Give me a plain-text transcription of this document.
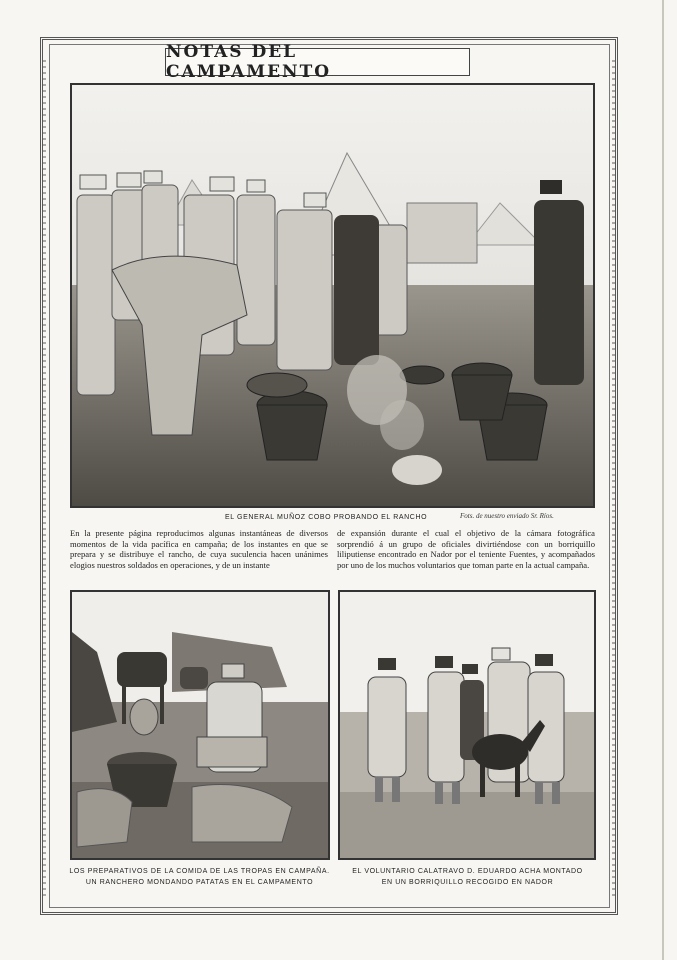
NOTAS DEL CAMPAMENTO
EL GENERAL MUÑOZ COBO PROBANDO EL RANCHO	Fots. de nuestro enviado Sr. Ríos.
En la presente página reproducimos algunas instantáneas de diversos momentos de la vida pacífica en campaña; de los instantes en que se prepara y se distribuye el rancho, de cuya suculencia hacen unánimes elogios nuestros soldados en operaciones, y de un instante
de expansión durante el cual el objetivo de la cámara fotográfica sorprendió á un grupo de oficiales divirtiéndose con un borriquillo liliputiense encontrado en Nador por el teniente Fuentes, y acompañados por uno de los muchos voluntarios que toman parte en la actual campaña.
LOS PREPARATIVOS DE LA COMIDA DE LAS TROPAS EN CAMPAÑA.
UN RANCHERO MONDANDO PATATAS EN EL CAMPAMENTO
EL VOLUNTARIO CALATRAVO D. EDUARDO ACHA MONTADO
EN UN BORRIQUILLO RECOGIDO EN NADOR
